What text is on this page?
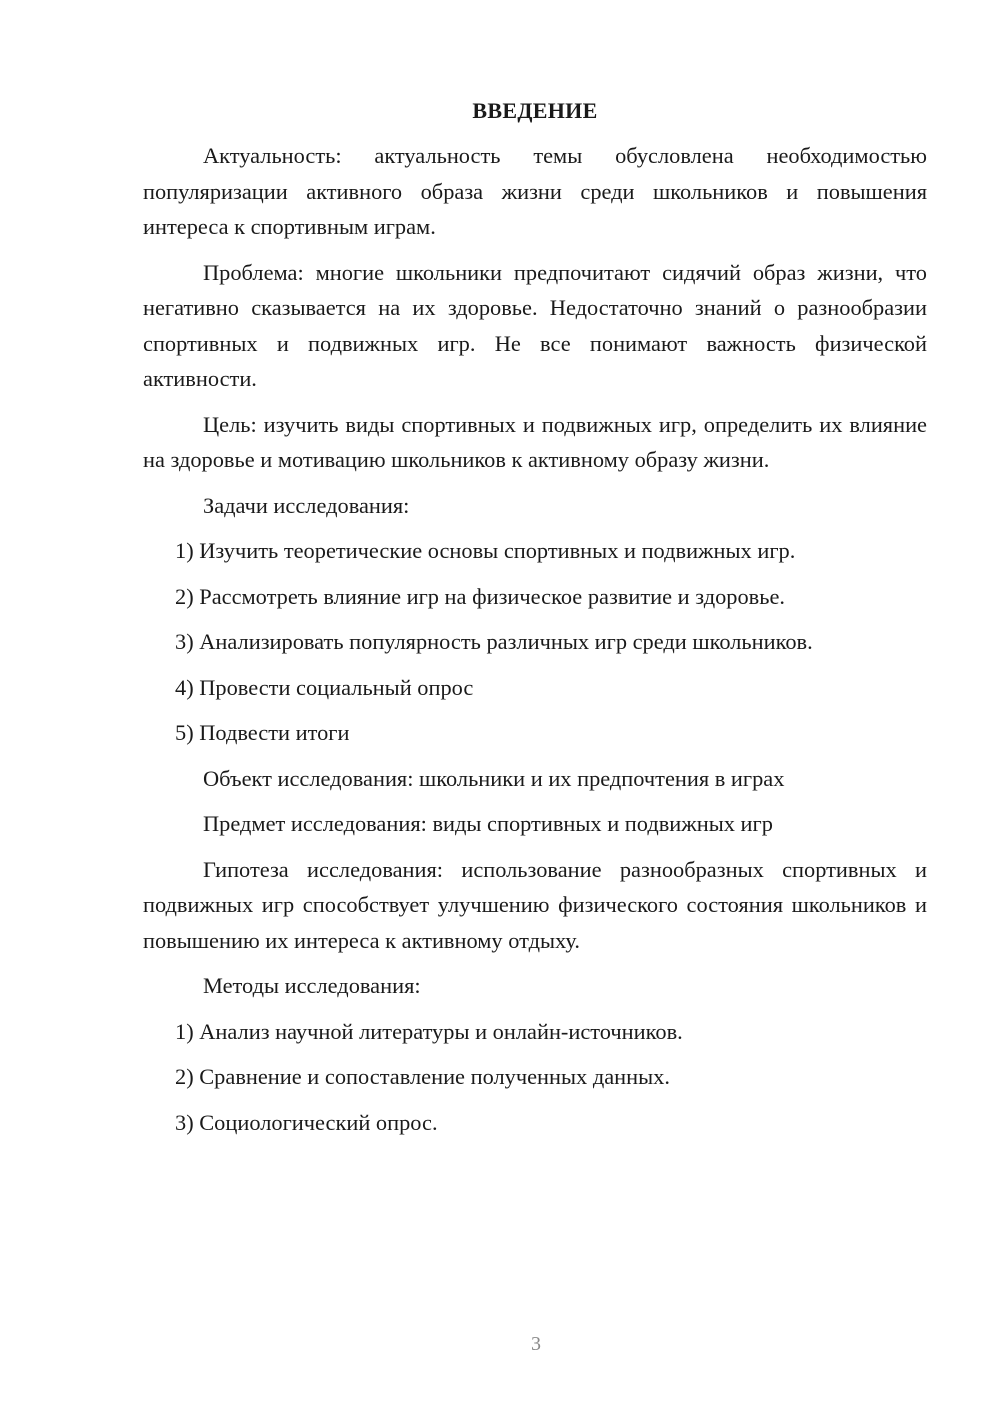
ВВЕДЕНИЕ

Актуальность: актуальность темы обусловлена необходимостью популяризации активного образа жизни среди школьников и повышения интереса к спортивным играм.

Проблема: многие школьники предпочитают сидячий образ жизни, что негативно сказывается на их здоровье. Недостаточно знаний о разнообразии спортивных и подвижных игр. Не все понимают важность физической активности.

Цель: изучить виды спортивных и подвижных игр, определить их влияние на здоровье и мотивацию школьников к активному образу жизни.

Задачи исследования:

1) Изучить теоретические основы спортивных и подвижных игр.

2) Рассмотреть влияние игр на физическое развитие и здоровье.

3) Анализировать популярность различных игр среди школьников.

4) Провести социальный опрос

5) Подвести итоги

Объект исследования: школьники и их предпочтения в играх

Предмет исследования: виды спортивных и подвижных игр

Гипотеза исследования: использование разнообразных спортивных и подвижных игр способствует улучшению физического состояния школьников и повышению их интереса к активному отдыху.

Методы исследования:

1) Анализ научной литературы и онлайн-источников.

2) Сравнение и сопоставление полученных данных.

3) Социологический опрос.

3
